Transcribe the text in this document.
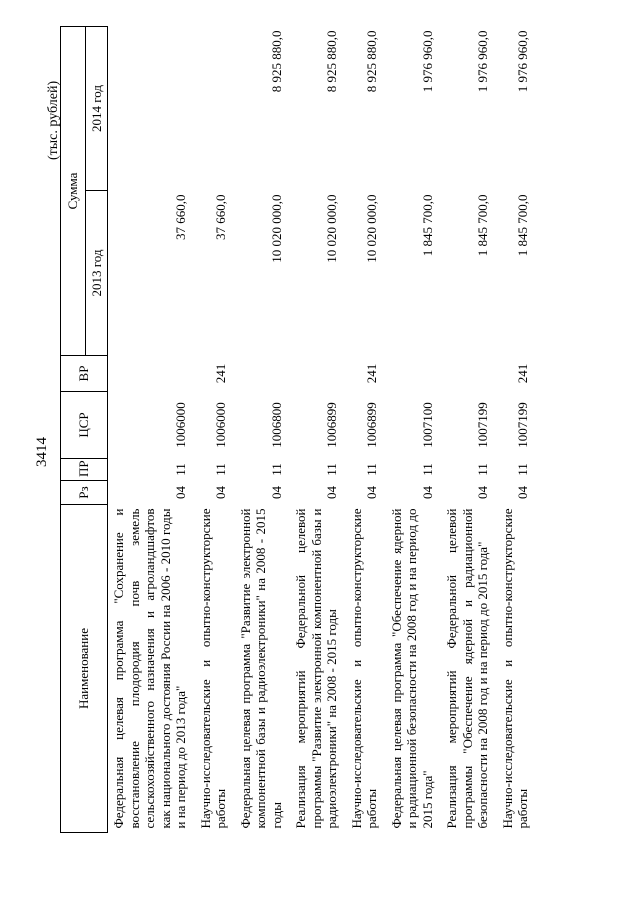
3414
(тыс. рублей)
Наименование	Рз	ПР	ЦСР	ВР	Сумма	
					2013 год	2014 год
Федеральная целевая программа "Сохранение и восстановление плодородия почв земель сельскохозяйственного назначения и агроландшафтов как национального достояния России на 2006 - 2010 годы и на период до 2013 года"	04	11	1006000		37 660,0	
Научно-исследовательские и опытно-конструкторские работы	04	11	1006000	241	37 660,0	
Федеральная целевая программа "Развитие электронной компонентной базы и радиоэлектроники" на 2008 - 2015 годы	04	11	1006800		10 020 000,0	8 925 880,0
Реализация мероприятий Федеральной целевой программы "Развитие электронной компонентной базы и радиоэлектроники" на 2008 - 2015 годы	04	11	1006899		10 020 000,0	8 925 880,0
Научно-исследовательские и опытно-конструкторские работы	04	11	1006899	241	10 020 000,0	8 925 880,0
Федеральная целевая программа "Обеспечение ядерной и радиационной безопасности на 2008 год и на период до 2015 года"	04	11	1007100		1 845 700,0	1 976 960,0
Реализация мероприятий Федеральной целевой программы "Обеспечение ядерной и радиационной безопасности на 2008 год и на период до 2015 года"	04	11	1007199		1 845 700,0	1 976 960,0
Научно-исследовательские и опытно-конструкторские работы	04	11	1007199	241	1 845 700,0	1 976 960,0
